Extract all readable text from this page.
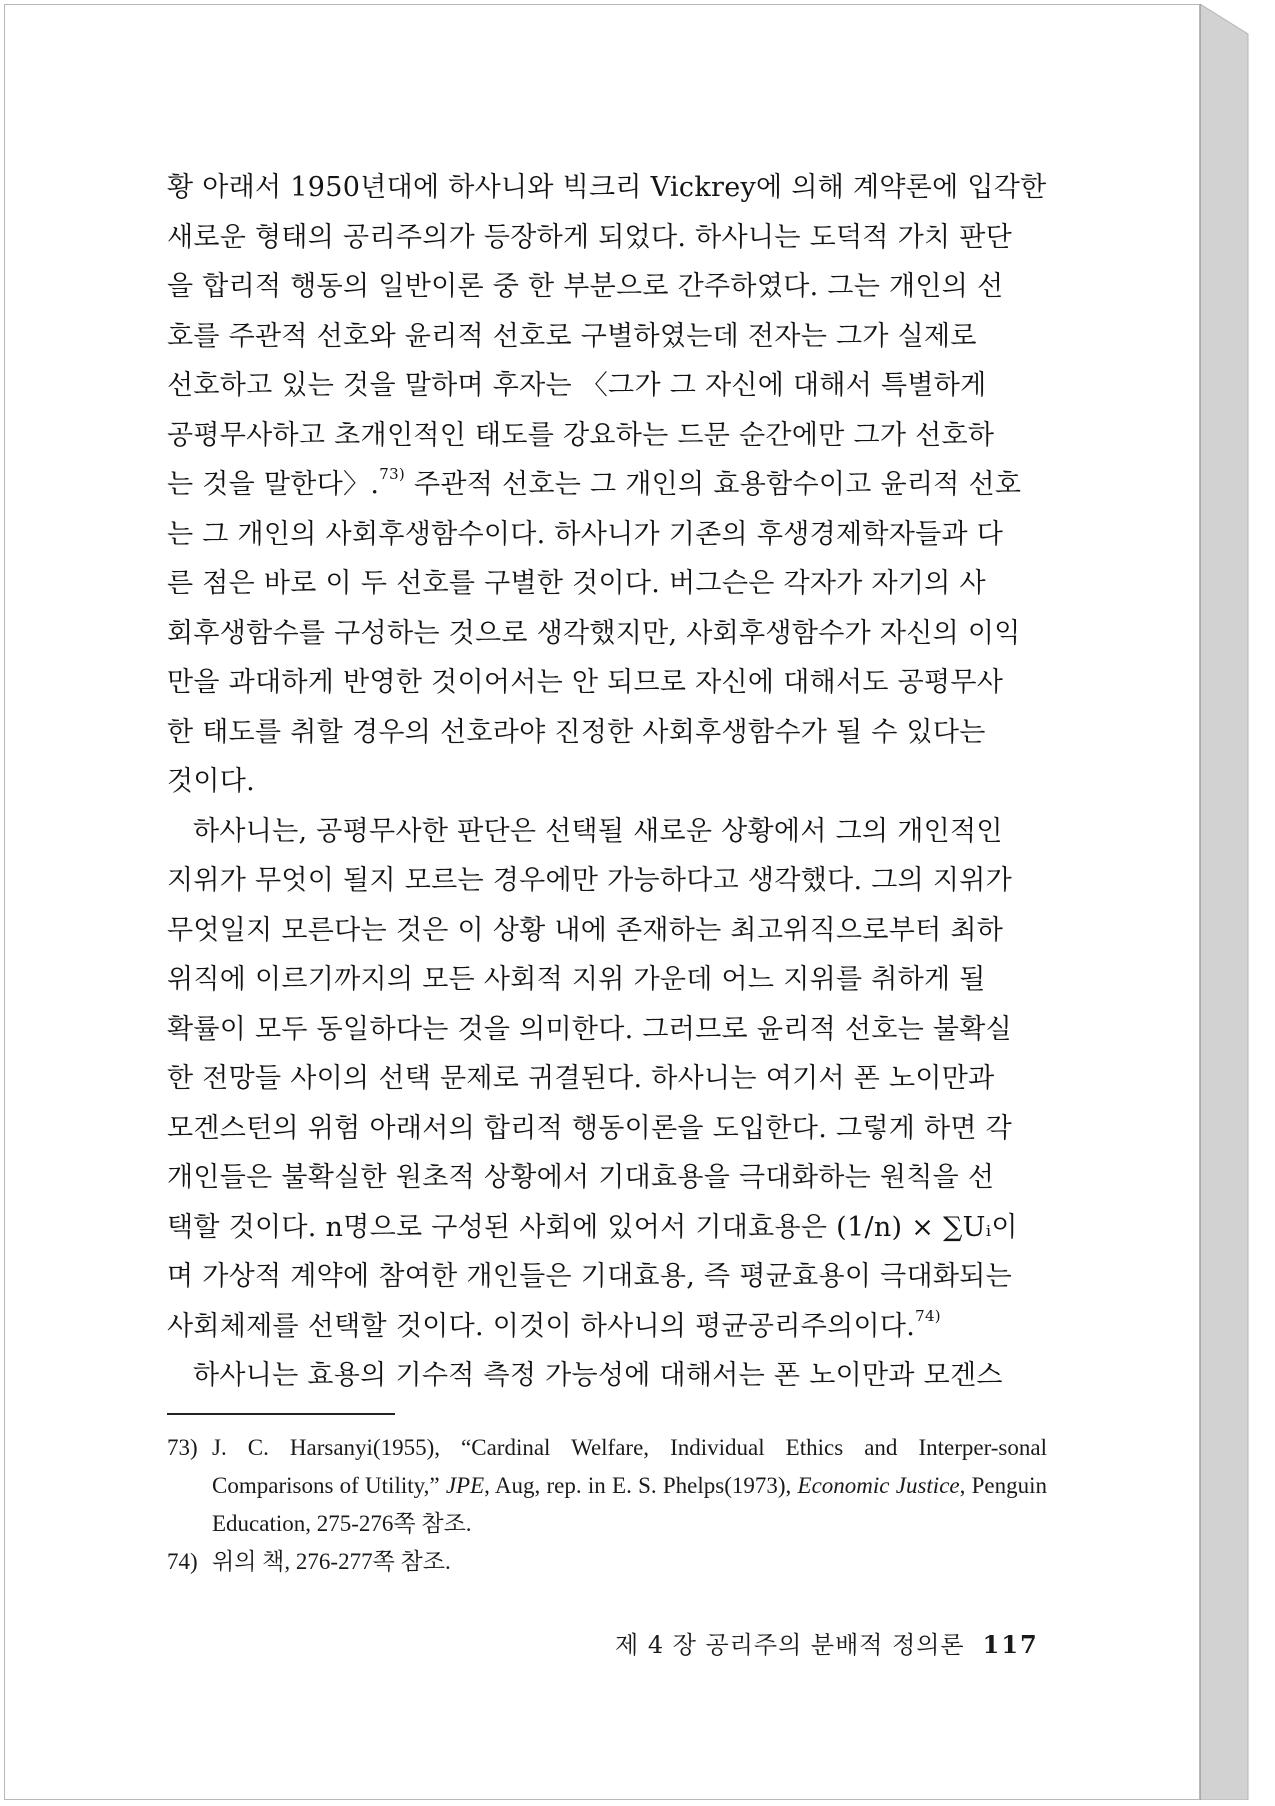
황 아래서 1950년대에 하사니와 빅크리 Vickrey에 의해 계약론에 입각한
새로운 형태의 공리주의가 등장하게 되었다. 하사니는 도덕적 가치 판단
을 합리적 행동의 일반이론 중 한 부분으로 간주하였다. 그는 개인의 선
호를 주관적 선호와 윤리적 선호로 구별하였는데 전자는 그가 실제로
선호하고 있는 것을 말하며 후자는 〈그가 그 자신에 대해서 특별하게
공평무사하고 초개인적인 태도를 강요하는 드문 순간에만 그가 선호하
는 것을 말한다〉.$^{73)}$ 주관적 선호는 그 개인의 효용함수이고 윤리적 선호
는 그 개인의 사회후생함수이다. 하사니가 기존의 후생경제학자들과 다
른 점은 바로 이 두 선호를 구별한 것이다. 버그슨은 각자가 자기의 사
회후생함수를 구성하는 것으로 생각했지만, 사회후생함수가 자신의 이익
만을 과대하게 반영한 것이어서는 안 되므로 자신에 대해서도 공평무사
한 태도를 취할 경우의 선호라야 진정한 사회후생함수가 될 수 있다는
것이다.

하사니는, 공평무사한 판단은 선택될 새로운 상황에서 그의 개인적인
지위가 무엇이 될지 모르는 경우에만 가능하다고 생각했다. 그의 지위가
무엇일지 모른다는 것은 이 상황 내에 존재하는 최고위직으로부터 최하
위직에 이르기까지의 모든 사회적 지위 가운데 어느 지위를 취하게 될
확률이 모두 동일하다는 것을 의미한다. 그러므로 윤리적 선호는 불확실
한 전망들 사이의 선택 문제로 귀결된다. 하사니는 여기서 폰 노이만과
모겐스턴의 위험 아래서의 합리적 행동이론을 도입한다. 그렇게 하면 각
개인들은 불확실한 원초적 상황에서 기대효용을 극대화하는 원칙을 선
택할 것이다. n명으로 구성된 사회에 있어서 기대효용은 (1/n) × ∑Uᵢ이
며 가상적 계약에 참여한 개인들은 기대효용, 즉 평균효용이 극대화되는
사회체제를 선택할 것이다. 이것이 하사니의 평균공리주의이다.$^{74)}$

하사니는 효용의 기수적 측정 가능성에 대해서는 폰 노이만과 모겐스

73) J. C. Harsanyi(1955), “Cardinal Welfare, Individual Ethics and Interper-sonal Comparisons of Utility,” JPE, Aug, rep. in E. S. Phelps(1973), Economic Justice, Penguin Education, 275-276쪽 참조.
74) 위의 책, 276-277쪽 참조.
제 4 장 공리주의 분배적 정의론 117
